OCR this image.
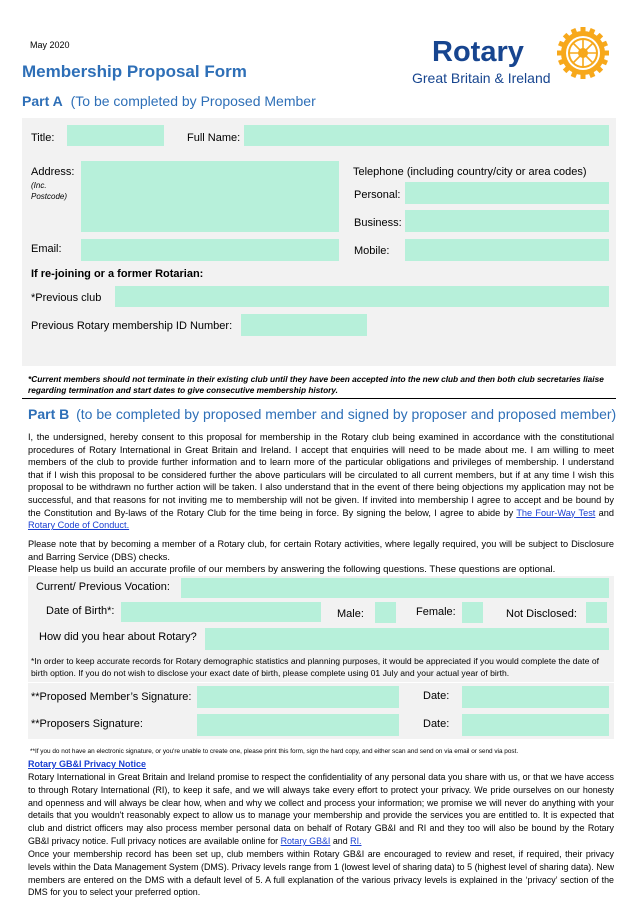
May 2020
Membership Proposal Form
Rotary
Great Britain & Ireland
Part A (To be completed by Proposed Member
Title:	Full Name:
Address:
(Inc. Postcode)
Telephone (including country/city or area codes)
Personal:
Business:
Email:	Mobile:
If re-joining or a former Rotarian:
*Previous club
Previous Rotary membership ID Number:
*Current members should not terminate in their existing club until they have been accepted into the new club and then both club secretaries liaise regarding termination and start dates to give consecutive membership history.
Part B (to be completed by proposed member and signed by proposer and proposed member)
I, the undersigned, hereby consent to this proposal for membership in the Rotary club being examined in accordance with the constitutional procedures of Rotary International in Great Britain and Ireland. I accept that enquiries will need to be made about me. I am willing to meet members of the club to provide further information and to learn more of the particular obligations and privileges of membership. I understand that if I wish this proposal to be considered further the above particulars will be circulated to all current members, but if at any time I wish this proposal to be withdrawn no further action will be taken. I also understand that in the event of there being objections my application may not be successful, and that reasons for not inviting me to membership will not be given. If invited into membership I agree to accept and be bound by the Constitution and By-laws of the Rotary Club for the time being in force. By signing the below, I agree to abide by The Four-Way Test and Rotary Code of Conduct.
Please note that by becoming a member of a Rotary club, for certain Rotary activities, where legally required, you will be subject to Disclosure and Barring Service (DBS) checks.
Please help us build an accurate profile of our members by answering the following questions. These questions are optional.
Current/ Previous Vocation:
Date of Birth*:	Male:	Female:	Not Disclosed:
How did you hear about Rotary?
*In order to keep accurate records for Rotary demographic statistics and planning purposes, it would be appreciated if you would complete the date of birth option. If you do not wish to disclose your exact date of birth, please complete using 01 July and your actual year of birth.
**Proposed Member’s Signature:	Date:
**Proposers Signature:	Date:
**If you do not have an electronic signature, or you're unable to create one, please print this form, sign the hard copy, and either scan and send on via email or send via post.
Rotary GB&I Privacy Notice
Rotary International in Great Britain and Ireland promise to respect the confidentiality of any personal data you share with us, or that we have access to through Rotary International (RI), to keep it safe, and we will always take every effort to protect your privacy. We pride ourselves on our honesty and openness and will always be clear how, when and why we collect and process your information; we promise we will never do anything with your details that you wouldn't reasonably expect to allow us to manage your membership and provide the services you are entitled to. It is expected that club and district officers may also process member personal data on behalf of Rotary GB&I and RI and they too will also be bound by the Rotary GB&I privacy notice. Full privacy notices are available online for Rotary GB&I and RI.
Once your membership record has been set up, club members within Rotary GB&I are encouraged to review and reset, if required, their privacy levels within the Data Management System (DMS). Privacy levels range from 1 (lowest level of sharing data) to 5 (highest level of sharing data). New members are entered on the DMS with a default level of 5. A full explanation of the various privacy levels is explained in the ‘privacy’ section of the DMS for you to select your preferred option.
